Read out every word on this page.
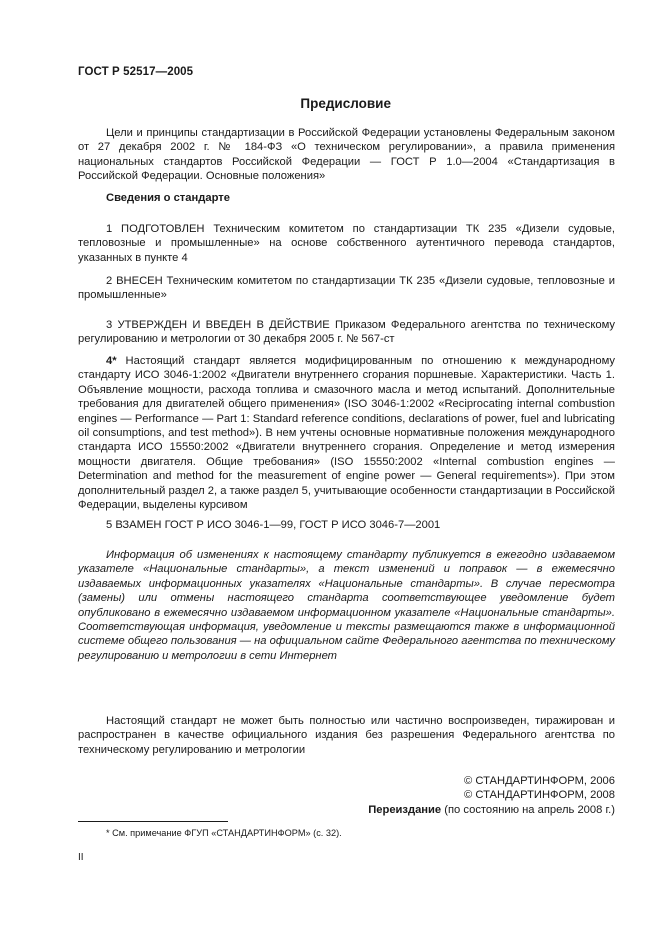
ГОСТ Р 52517—2005
Предисловие

Цели и принципы стандартизации в Российской Федерации установлены Федеральным законом от 27 декабря 2002 г. № 184-ФЗ «О техническом регулировании», а правила применения национальных стандартов Российской Федерации — ГОСТ Р 1.0—2004 «Стандартизация в Российской Федерации. Основные положения»

Сведения о стандарте

1 ПОДГОТОВЛЕН Техническим комитетом по стандартизации ТК 235 «Дизели судовые, тепловозные и промышленные» на основе собственного аутентичного перевода стандартов, указанных в пункте 4

2 ВНЕСЕН Техническим комитетом по стандартизации ТК 235 «Дизели судовые, тепловозные и промышленные»

3 УТВЕРЖДЕН И ВВЕДЕН В ДЕЙСТВИЕ Приказом Федерального агентства по техническому регулированию и метрологии от 30 декабря 2005 г. № 567-ст

4* Настоящий стандарт является модифицированным по отношению к международному стандарту ИСО 3046-1:2002 «Двигатели внутреннего сгорания поршневые. Характеристики. Часть 1. Объявление мощности, расхода топлива и смазочного масла и метод испытаний. Дополнительные требования для двигателей общего применения» (ISO 3046-1:2002 «Reciprocating internal combustion engines — Performance — Part 1: Standard reference conditions, declarations of power, fuel and lubricating oil consumptions, and test method»). В нем учтены основные нормативные положения международного стандарта ИСО 15550:2002 «Двигатели внутреннего сгорания. Определение и метод измерения мощности двигателя. Общие требования» (ISO 15550:2002 «Internal combustion engines — Determination and method for the measurement of engine power — General requirements»). При этом дополнительный раздел 2, а также раздел 5, учитывающие особенности стандартизации в Российской Федерации, выделены курсивом

5 ВЗАМЕН ГОСТ Р ИСО 3046-1—99, ГОСТ Р ИСО 3046-7—2001

Информация об изменениях к настоящему стандарту публикуется в ежегодно издаваемом указателе «Национальные стандарты», а текст изменений и поправок — в ежемесячно издаваемых информационных указателях «Национальные стандарты». В случае пересмотра (замены) или отмены настоящего стандарта соответствующее уведомление будет опубликовано в ежемесячно издаваемом информационном указателе «Национальные стандарты». Соответствующая информация, уведомление и тексты размещаются также в информационной системе общего пользования — на официальном сайте Федерального агентства по техническому регулированию и метрологии в сети Интернет

Настоящий стандарт не может быть полностью или частично воспроизведен, тиражирован и распространен в качестве официального издания без разрешения Федерального агентства по техническому регулированию и метрологии

© СТАНДАРТИНФОРМ, 2006
© СТАНДАРТИНФОРМ, 2008
Переиздание (по состоянию на апрель 2008 г.)
* См. примечание ФГУП «СТАНДАРТИНФОРМ» (с. 32).
II
